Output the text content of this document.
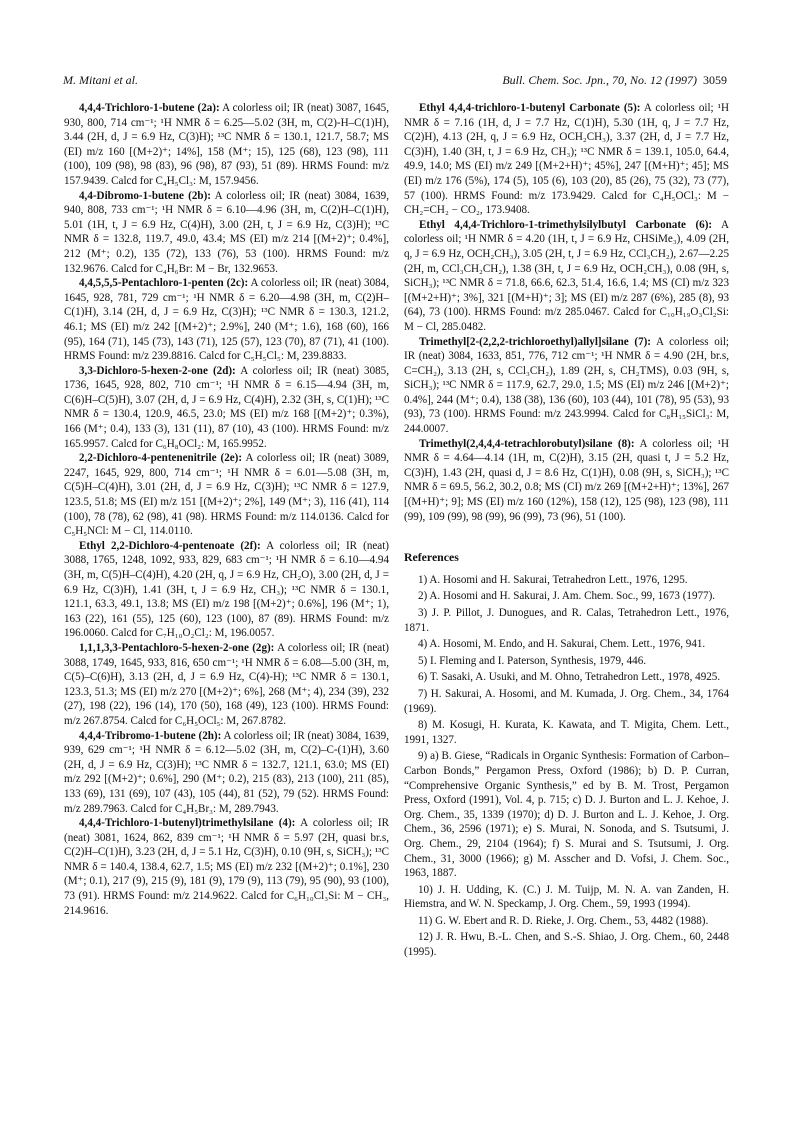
M. Mitani et al.	Bull. Chem. Soc. Jpn., 70, No. 12 (1997) 3059

4,4,4-Trichloro-1-butene (2a): A colorless oil; IR (neat) 3087, 1645, 930, 800, 714 cm⁻¹; ¹H NMR δ = 6.25—5.02 (3H, m, C(2)-H–C(1)H), 3.44 (2H, d, J = 6.9 Hz, C(3)H); ¹³C NMR δ = 130.1, 121.7, 58.7; MS (EI) m/z 160 [(M+2)⁺; 14%], 158 (M⁺; 15), 125 (68), 123 (98), 111 (100), 109 (98), 98 (83), 96 (98), 87 (93), 51 (89). HRMS Found: m/z 157.9439. Calcd for C₄H₅Cl₃: M, 157.9456.

4,4-Dibromo-1-butene (2b): A colorless oil; IR (neat) 3084, 1639, 940, 808, 733 cm⁻¹; ¹H NMR δ = 6.10—4.96 (3H, m, C(2)H–C(1)H), 5.01 (1H, t, J = 6.9 Hz, C(4)H), 3.00 (2H, t, J = 6.9 Hz, C(3)H); ¹³C NMR δ = 132.8, 119.7, 49.0, 43.4; MS (EI) m/z 214 [(M+2)⁺; 0.4%], 212 (M⁺; 0.2), 135 (72), 133 (76), 53 (100). HRMS Found: m/z 132.9676. Calcd for C₄H₆Br: M − Br, 132.9653.

4,4,5,5,5-Pentachloro-1-penten (2c): A colorless oil; IR (neat) 3084, 1645, 928, 781, 729 cm⁻¹; ¹H NMR δ = 6.20—4.98 (3H, m, C(2)H–C(1)H), 3.14 (2H, d, J = 6.9 Hz, C(3)H); ¹³C NMR δ = 130.3, 121.2, 46.1; MS (EI) m/z 242 [(M+2)⁺; 2.9%], 240 (M⁺; 1.6), 168 (60), 166 (95), 164 (71), 145 (73), 143 (71), 125 (57), 123 (70), 87 (71), 41 (100). HRMS Found: m/z 239.8816. Calcd for C₅H₅Cl₅: M, 239.8833.

3,3-Dichloro-5-hexen-2-one (2d): A colorless oil; IR (neat) 3085, 1736, 1645, 928, 802, 710 cm⁻¹; ¹H NMR δ = 6.15—4.94 (3H, m, C(6)H–C(5)H), 3.07 (2H, d, J = 6.9 Hz, C(4)H), 2.32 (3H, s, C(1)H); ¹³C NMR δ = 130.4, 120.9, 46.5, 23.0; MS (EI) m/z 168 [(M+2)⁺; 0.3%), 166 (M⁺; 0.4), 133 (3), 131 (11), 87 (10), 43 (100). HRMS Found: m/z 165.9957. Calcd for C₆H₈OCl₂: M, 165.9952.

2,2-Dichloro-4-pentenenitrile (2e): A colorless oil; IR (neat) 3089, 2247, 1645, 929, 800, 714 cm⁻¹; ¹H NMR δ = 6.01—5.08 (3H, m, C(5)H–C(4)H), 3.01 (2H, d, J = 6.9 Hz, C(3)H); ¹³C NMR δ = 127.9, 123.5, 51.8; MS (EI) m/z 151 [(M+2)⁺; 2%], 149 (M⁺; 3), 116 (41), 114 (100), 78 (78), 62 (98), 41 (98). HRMS Found: m/z 114.0136. Calcd for C₅H₅NCl: M − Cl, 114.0110.

Ethyl 2,2-Dichloro-4-pentenoate (2f): A colorless oil; IR (neat) 3088, 1765, 1248, 1092, 933, 829, 683 cm⁻¹; ¹H NMR δ = 6.10—4.94 (3H, m, C(5)H–C(4)H), 4.20 (2H, q, J = 6.9 Hz, CH₂O), 3.00 (2H, d, J = 6.9 Hz, C(3)H), 1.41 (3H, t, J = 6.9 Hz, CH₃); ¹³C NMR δ = 130.1, 121.1, 63.3, 49.1, 13.8; MS (EI) m/z 198 [(M+2)⁺; 0.6%], 196 (M⁺; 1), 163 (22), 161 (55), 125 (60), 123 (100), 87 (89). HRMS Found: m/z 196.0060. Calcd for C₇H₁₀O₂Cl₂: M, 196.0057.

1,1,1,3,3-Pentachloro-5-hexen-2-one (2g): A colorless oil; IR (neat) 3088, 1749, 1645, 933, 816, 650 cm⁻¹; ¹H NMR δ = 6.08—5.00 (3H, m, C(5)–C(6)H), 3.13 (2H, d, J = 6.9 Hz, C(4)-H); ¹³C NMR δ = 130.1, 123.3, 51.3; MS (EI) m/z 270 [(M+2)⁺; 6%], 268 (M⁺; 4), 234 (39), 232 (27), 198 (22), 196 (14), 170 (50), 168 (49), 123 (100). HRMS Found: m/z 267.8754. Calcd for C₆H₅OCl₅: M, 267.8782.

4,4,4-Tribromo-1-butene (2h): A colorless oil; IR (neat) 3084, 1639, 939, 629 cm⁻¹; ¹H NMR δ = 6.12—5.02 (3H, m, C(2)–C-(1)H), 3.60 (2H, d, J = 6.9 Hz, C(3)H); ¹³C NMR δ = 132.7, 121.1, 63.0; MS (EI) m/z 292 [(M+2)⁺; 0.6%], 290 (M⁺; 0.2), 215 (83), 213 (100), 211 (85), 133 (69), 131 (69), 107 (43), 105 (44), 81 (52), 79 (52). HRMS Found: m/z 289.7963. Calcd for C₄H₅Br₃: M, 289.7943.

4,4,4-Trichloro-1-butenyl)trimethylsilane (4): A colorless oil; IR (neat) 3081, 1624, 862, 839 cm⁻¹; ¹H NMR δ = 5.97 (2H, quasi br.s, C(2)H–C(1)H), 3.23 (2H, d, J = 5.1 Hz, C(3)H), 0.10 (9H, s, SiCH₃); ¹³C NMR δ = 140.4, 138.4, 62.7, 1.5; MS (EI) m/z 232 [(M+2)⁺; 0.1%], 230 (M⁺; 0.1), 217 (9), 215 (9), 181 (9), 179 (9), 113 (79), 95 (90), 93 (100), 73 (91). HRMS Found: m/z 214.9622. Calcd for C₆H₁₀Cl₃Si: M − CH₃, 214.9616.

Ethyl 4,4,4-trichloro-1-butenyl Carbonate (5): A colorless oil; ¹H NMR δ = 7.16 (1H, d, J = 7.7 Hz, C(1)H), 5.30 (1H, q, J = 7.7 Hz, C(2)H), 4.13 (2H, q, J = 6.9 Hz, OCH₂CH₃), 3.37 (2H, d, J = 7.7 Hz, C(3)H), 1.40 (3H, t, J = 6.9 Hz, CH₃); ¹³C NMR δ = 139.1, 105.0, 64.4, 49.9, 14.0; MS (EI) m/z 249 [(M+2+H)⁺; 45%], 247 [(M+H)⁺; 45]; MS (EI) m/z 176 (5%), 174 (5), 105 (6), 103 (20), 85 (26), 75 (32), 73 (77), 57 (100). HRMS Found: m/z 173.9429. Calcd for C₄H₅OCl₃: M − CH₂=CH₂ − CO₂, 173.9408.

Ethyl 4,4,4-Trichloro-1-trimethylsilylbutyl Carbonate (6): A colorless oil; ¹H NMR δ = 4.20 (1H, t, J = 6.9 Hz, CHSiMe₃), 4.09 (2H, q, J = 6.9 Hz, OCH₂CH₃), 3.05 (2H, t, J = 6.9 Hz, CCl₃CH₂), 2.67—2.25 (2H, m, CCl₃CH₂CH₂), 1.38 (3H, t, J = 6.9 Hz, OCH₂CH₃), 0.08 (9H, s, SiCH₃); ¹³C NMR δ = 71.8, 66.6, 62.3, 51.4, 16.6, 1.4; MS (CI) m/z 323 [(M+2+H)⁺; 3%], 321 [(M+H)⁺; 3]; MS (EI) m/z 287 (6%), 285 (8), 93 (64), 73 (100). HRMS Found: m/z 285.0467. Calcd for C₁₀H₁₉O₃Cl₂Si: M − Cl, 285.0482.

Trimethyl[2-(2,2,2-trichloroethyl)allyl]silane (7): A colorless oil; IR (neat) 3084, 1633, 851, 776, 712 cm⁻¹; ¹H NMR δ = 4.90 (2H, br.s, C=CH₂), 3.13 (2H, s, CCl₃CH₂), 1.89 (2H, s, CH₂TMS), 0.03 (9H, s, SiCH₃); ¹³C NMR δ = 117.9, 62.7, 29.0, 1.5; MS (EI) m/z 246 [(M+2)⁺; 0.4%], 244 (M⁺; 0.4), 138 (38), 136 (60), 103 (44), 101 (78), 95 (53), 93 (93), 73 (100). HRMS Found: m/z 243.9994. Calcd for C₈H₁₅SiCl₃: M, 244.0007.

Trimethyl(2,4,4,4-tetrachlorobutyl)silane (8): A colorless oil; ¹H NMR δ = 4.64—4.14 (1H, m, C(2)H), 3.15 (2H, quasi t, J = 5.2 Hz, C(3)H), 1.43 (2H, quasi d, J = 8.6 Hz, C(1)H), 0.08 (9H, s, SiCH₃); ¹³C NMR δ = 69.5, 56.2, 30.2, 0.8; MS (CI) m/z 269 [(M+2+H)⁺; 13%], 267 [(M+H)⁺; 9]; MS (EI) m/z 160 (12%), 158 (12), 125 (98), 123 (98), 111 (99), 109 (99), 98 (99), 96 (99), 73 (96), 51 (100).

References

1) A. Hosomi and H. Sakurai, Tetrahedron Lett., 1976, 1295.

2) A. Hosomi and H. Sakurai, J. Am. Chem. Soc., 99, 1673 (1977).

3) J. P. Pillot, J. Dunogues, and R. Calas, Tetrahedron Lett., 1976, 1871.

4) A. Hosomi, M. Endo, and H. Sakurai, Chem. Lett., 1976, 941.

5) I. Fleming and I. Paterson, Synthesis, 1979, 446.

6) T. Sasaki, A. Usuki, and M. Ohno, Tetrahedron Lett., 1978, 4925.

7) H. Sakurai, A. Hosomi, and M. Kumada, J. Org. Chem., 34, 1764 (1969).

8) M. Kosugi, H. Kurata, K. Kawata, and T. Migita, Chem. Lett., 1991, 1327.

9) a) B. Giese, “Radicals in Organic Synthesis: Formation of Carbon–Carbon Bonds,” Pergamon Press, Oxford (1986); b) D. P. Curran, “Comprehensive Organic Synthesis,” ed by B. M. Trost, Pergamon Press, Oxford (1991), Vol. 4, p. 715; c) D. J. Burton and L. J. Kehoe, J. Org. Chem., 35, 1339 (1970); d) D. J. Burton and L. J. Kehoe, J. Org. Chem., 36, 2596 (1971); e) S. Murai, N. Sonoda, and S. Tsutsumi, J. Org. Chem., 29, 2104 (1964); f) S. Murai and S. Tsutsumi, J. Org. Chem., 31, 3000 (1966); g) M. Asscher and D. Vofsi, J. Chem. Soc., 1963, 1887.

10) J. H. Udding, K. (C.) J. M. Tuijp, M. N. A. van Zanden, H. Hiemstra, and W. N. Speckamp, J. Org. Chem., 59, 1993 (1994).

11) G. W. Ebert and R. D. Rieke, J. Org. Chem., 53, 4482 (1988).

12) J. R. Hwu, B.-L. Chen, and S.-S. Shiao, J. Org. Chem., 60, 2448 (1995).
